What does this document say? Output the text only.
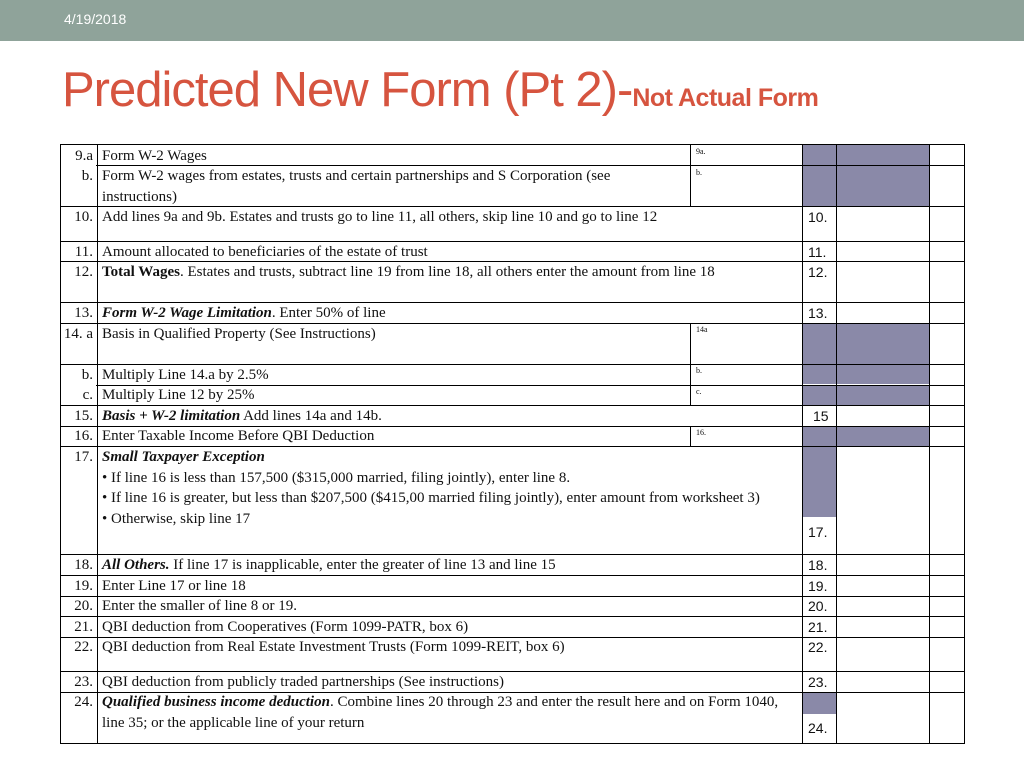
4/19/2018
Predicted New Form (Pt 2)-Not Actual Form
9.a
b.
10.
11.
12.
13.
14. a
b.
c.
15.
16.
17.
18.
19.
20.
21.
22.
23.
24.
Form W-2 Wages
Form W-2 wages from estates, trusts and certain partnerships and S Corporation (see instructions)
Add lines 9a and 9b. Estates and trusts go to line 11, all others, skip line 10 and go to line 12
Amount allocated to beneficiaries of the estate of trust
Total Wages. Estates and trusts, subtract line 19 from line 18, all others enter the amount from line 18
Form W-2 Wage Limitation. Enter 50% of line
Basis in Qualified Property (See Instructions)
Multiply Line 14.a by 2.5%
Multiply Line 12 by 25%
Basis + W-2 limitation Add lines 14a and 14b.
Enter Taxable Income Before QBI Deduction
Small Taxpayer Exception
• If line 16 is less than 157,500 ($315,000 married, filing jointly), enter line 8.
• If line 16 is greater, but less than $207,500 ($415,00 married filing jointly), enter amount from worksheet 3)
• Otherwise, skip line 17
All Others. If line 17 is inapplicable, enter the greater of line 13 and line 15
Enter Line 17 or line 18
Enter the smaller of line 8 or 19.
QBI deduction from Cooperatives (Form 1099-PATR, box 6)
QBI deduction from Real Estate Investment Trusts (Form 1099-REIT, box 6)
QBI deduction from publicly traded partnerships (See instructions)
Qualified business income deduction. Combine lines 20 through 23 and enter the result here and on Form 1040, line 35; or the applicable line of your return
9a.
b.
14a
b.
c.
16.
10.
11.
12.
13.
15
17.
18.
19.
20.
21.
22.
23.
24.
